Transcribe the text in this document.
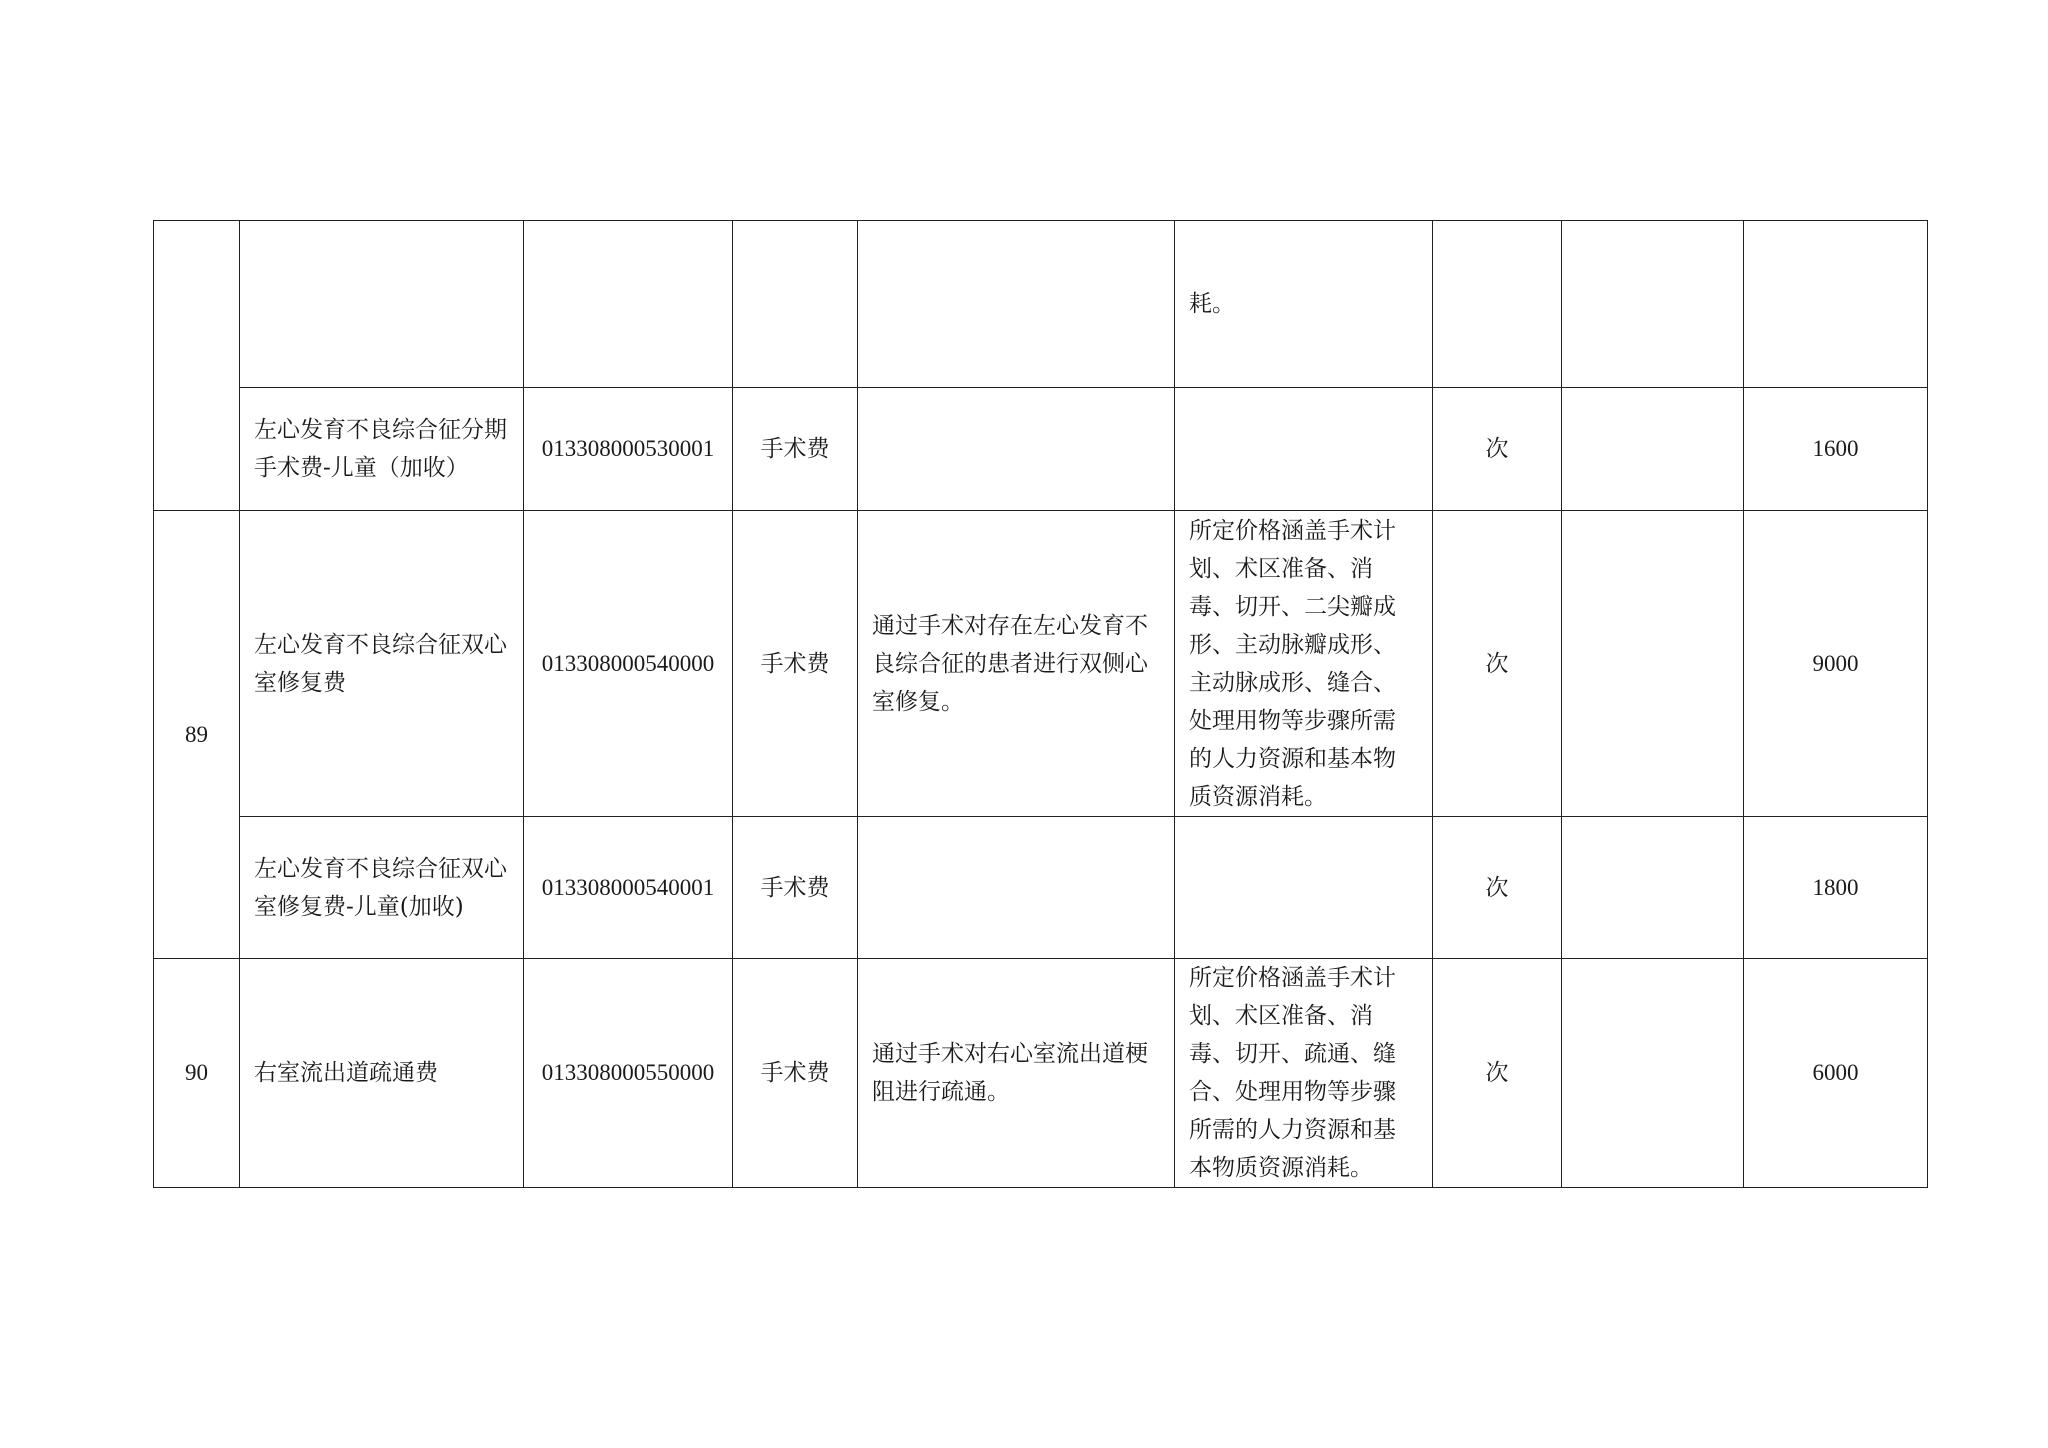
					耗。			
	左心发育不良综合征分期手术费-儿童（加收）	013308000530001	手术费			次		1600
89	左心发育不良综合征双心室修复费	013308000540000	手术费	通过手术对存在左心发育不良综合征的患者进行双侧心室修复。	所定价格涵盖手术计划、术区准备、消毒、切开、二尖瓣成形、主动脉瓣成形、主动脉成形、缝合、处理用物等步骤所需的人力资源和基本物质资源消耗。	次		9000
	左心发育不良综合征双心室修复费-儿童(加收)	013308000540001	手术费			次		1800
90	右室流出道疏通费	013308000550000	手术费	通过手术对右心室流出道梗阻进行疏通。	所定价格涵盖手术计划、术区准备、消毒、切开、疏通、缝合、处理用物等步骤所需的人力资源和基本物质资源消耗。	次		6000
